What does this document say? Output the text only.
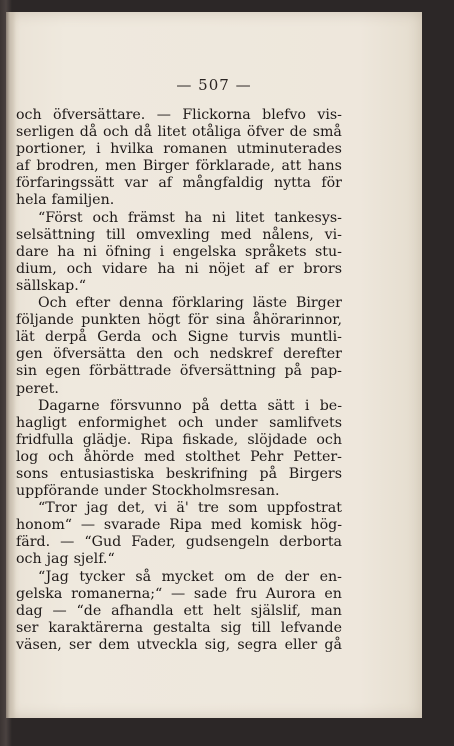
— 507 —
och öfversättare. — Flickorna blefvo vis-
serligen då och då litet otåliga öfver de små
portioner, i hvilka romanen utminuterades
af brodren, men Birger förklarade, att hans
förfaringssätt var af mångfaldig nytta för
hela familjen.
“Först och främst ha ni litet tankesys-
selsättning till omvexling med nålens, vi-
dare ha ni öfning i engelska språkets stu-
dium, och vidare ha ni nöjet af er brors
sällskap.“
Och efter denna förklaring läste Birger
följande punkten högt för sina åhörarinnor,
lät derpå Gerda och Signe turvis muntli-
gen öfversätta den och nedskref derefter
sin egen förbättrade öfversättning på pap-
peret.
Dagarne försvunno på detta sätt i be-
hagligt enformighet och under samlifvets
fridfulla glädje. Ripa fiskade, slöjdade och
log och åhörde med stolthet Pehr Petter-
sons entusiastiska beskrifning på Birgers
uppförande under Stockholmsresan.
“Tror jag det, vi ä' tre som uppfostrat
honom“ — svarade Ripa med komisk hög-
färd. — “Gud Fader, gudsengeln derborta
och jag sjelf.“
“Jag tycker så mycket om de der en-
gelska romanerna;“ — sade fru Aurora en
dag — “de afhandla ett helt själslif, man
ser karaktärerna gestalta sig till lefvande
väsen, ser dem utveckla sig, segra eller gå
